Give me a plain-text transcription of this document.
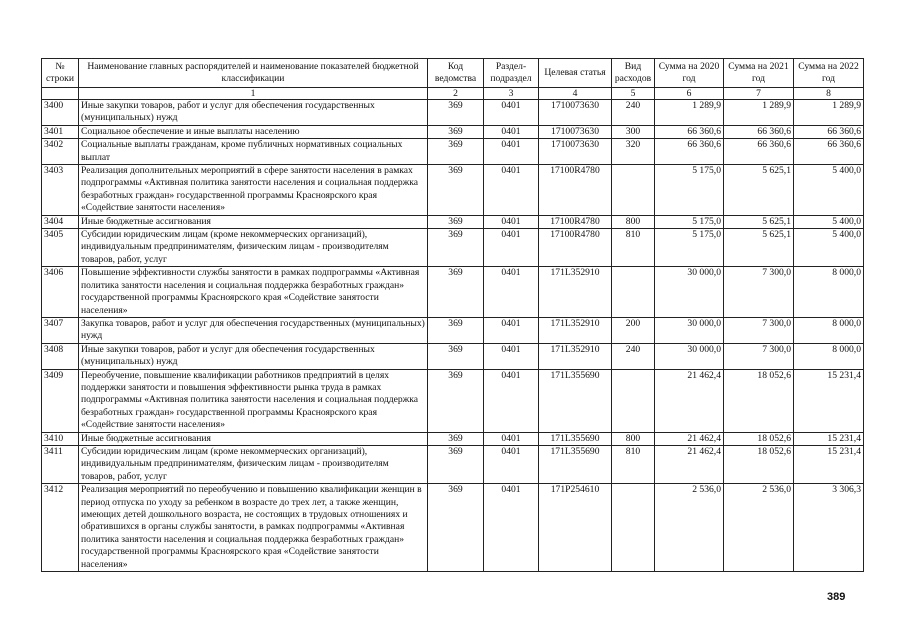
№ строки	Наименование главных распорядителей и наименование показателей бюджетной классификации	Код ведомства	Раздел-подраздел	Целевая статья	Вид расходов	Сумма на 2020 год	Сумма на 2021 год	Сумма на 2022 год
	1	2	3	4	5	6	7	8
3400	Иные закупки товаров, работ и услуг для обеспечения государственных (муниципальных) нужд	369	0401	1710073630	240	1 289,9	1 289,9	1 289,9
3401	Социальное обеспечение и иные выплаты населению	369	0401	1710073630	300	66 360,6	66 360,6	66 360,6
3402	Социальные выплаты гражданам, кроме публичных нормативных социальных выплат	369	0401	1710073630	320	66 360,6	66 360,6	66 360,6
3403	Реализация дополнительных мероприятий в сфере занятости населения в рамках подпрограммы «Активная политика занятости населения и социальная поддержка безработных граждан» государственной программы Красноярского края «Содействие занятости населения»	369	0401	17100R4780		5 175,0	5 625,1	5 400,0
3404	Иные бюджетные ассигнования	369	0401	17100R4780	800	5 175,0	5 625,1	5 400,0
3405	Субсидии юридическим лицам (кроме некоммерческих организаций), индивидуальным предпринимателям, физическим лицам - производителям товаров, работ, услуг	369	0401	17100R4780	810	5 175,0	5 625,1	5 400,0
3406	Повышение эффективности службы занятости в рамках подпрограммы «Активная политика занятости населения и социальная поддержка безработных граждан» государственной программы Красноярского края «Содействие занятости населения»	369	0401	171L352910		30 000,0	7 300,0	8 000,0
3407	Закупка товаров, работ и услуг для обеспечения государственных (муниципальных) нужд	369	0401	171L352910	200	30 000,0	7 300,0	8 000,0
3408	Иные закупки товаров, работ и услуг для обеспечения государственных (муниципальных) нужд	369	0401	171L352910	240	30 000,0	7 300,0	8 000,0
3409	Переобучение, повышение квалификации работников предприятий в целях поддержки занятости и повышения эффективности рынка труда в рамках подпрограммы «Активная политика занятости населения и социальная поддержка безработных граждан» государственной программы Красноярского края «Содействие занятости населения»	369	0401	171L355690		21 462,4	18 052,6	15 231,4
3410	Иные бюджетные ассигнования	369	0401	171L355690	800	21 462,4	18 052,6	15 231,4
3411	Субсидии юридическим лицам (кроме некоммерческих организаций), индивидуальным предпринимателям, физическим лицам - производителям товаров, работ, услуг	369	0401	171L355690	810	21 462,4	18 052,6	15 231,4
3412	Реализация мероприятий по переобучению и повышению квалификации женщин в период отпуска по уходу за ребенком в возрасте до трех лет, а также женщин, имеющих детей дошкольного возраста, не состоящих в трудовых отношениях и обратившихся в органы службы занятости, в рамках подпрограммы «Активная политика занятости населения и социальная поддержка безработных граждан» государственной программы Красноярского края «Содействие занятости населения»	369	0401	171P254610		2 536,0	2 536,0	3 306,3
389
